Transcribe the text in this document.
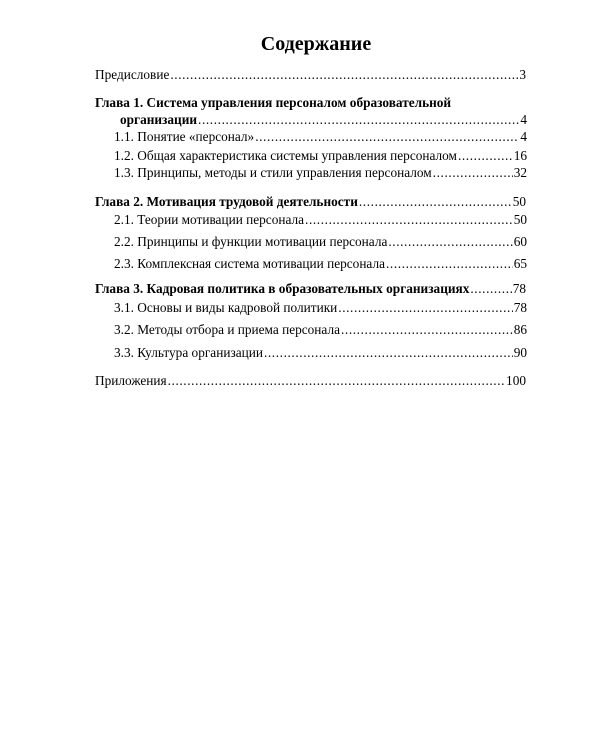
Содержание
Предисловие .....	3
Глава 1. Система управления персоналом образовательной
организации .....	4
1.1. Понятие «персонал» .....	4
1.2. Общая характеристика системы управления персоналом .....	16
1.3. Принципы, методы и стили управления персоналом .....	32
Глава 2. Мотивация трудовой деятельности .....	50
2.1. Теории мотивации персонала .....	50
2.2. Принципы и функции мотивации персонала .....	60
2.3. Комплексная система мотивации персонала .....	65
Глава 3. Кадровая политика в образовательных организациях .....	78
3.1. Основы и виды кадровой политики .....	78
3.2. Методы отбора и приема персонала .....	86
3.3. Культура организации .....	90
Приложения .....	100
